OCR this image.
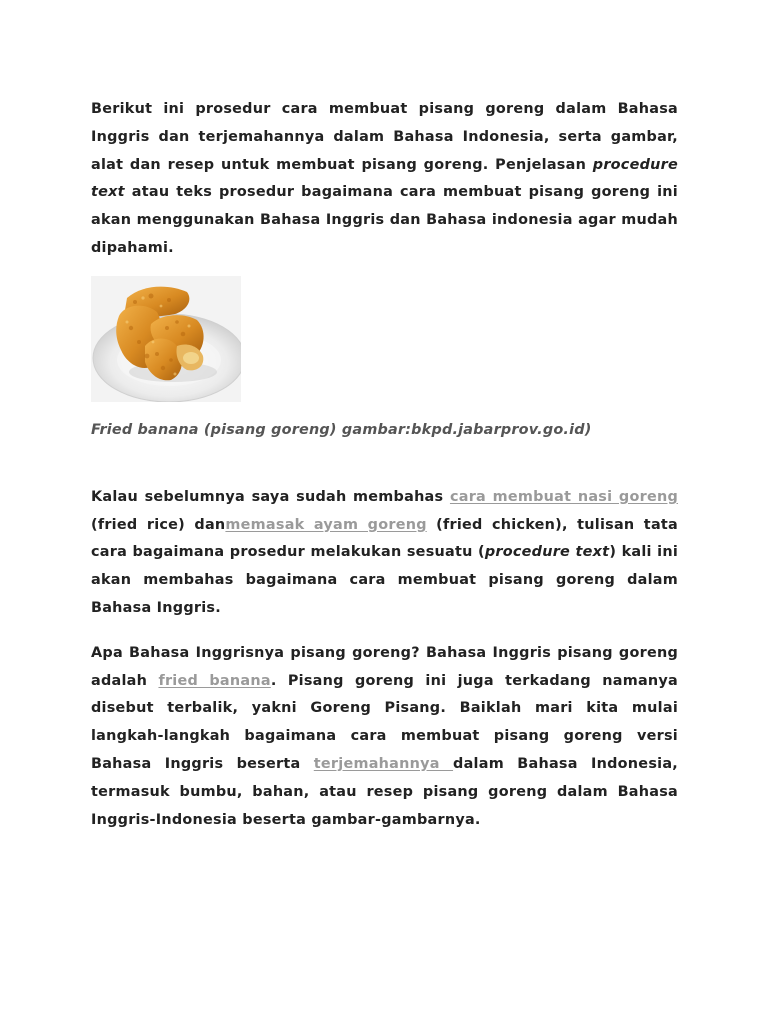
Berikut ini prosedur cara membuat pisang goreng dalam Bahasa Inggris dan terjemahannya dalam Bahasa Indonesia, serta gambar, alat dan resep untuk membuat pisang goreng. Penjelasan procedure text atau teks prosedur bagaimana cara membuat pisang goreng ini akan menggunakan Bahasa Inggris dan Bahasa indonesia agar mudah dipahami.

Fried banana (pisang goreng) gambar:bkpd.jabarprov.go.id)

Kalau sebelumnya saya sudah membahas cara membuat nasi goreng (fried rice) danmemasak ayam goreng (fried chicken), tulisan tata cara bagaimana prosedur melakukan sesuatu (procedure text) kali ini akan membahas bagaimana cara membuat pisang goreng dalam Bahasa Inggris.

Apa Bahasa Inggrisnya pisang goreng? Bahasa Inggris pisang goreng adalah fried banana. Pisang goreng ini juga terkadang namanya disebut terbalik, yakni Goreng Pisang. Baiklah mari kita mulai langkah-langkah bagaimana cara membuat pisang goreng versi Bahasa Inggris beserta terjemahannya dalam Bahasa Indonesia, termasuk bumbu, bahan, atau resep pisang goreng dalam Bahasa Inggris-Indonesia beserta gambar-gambarnya.
